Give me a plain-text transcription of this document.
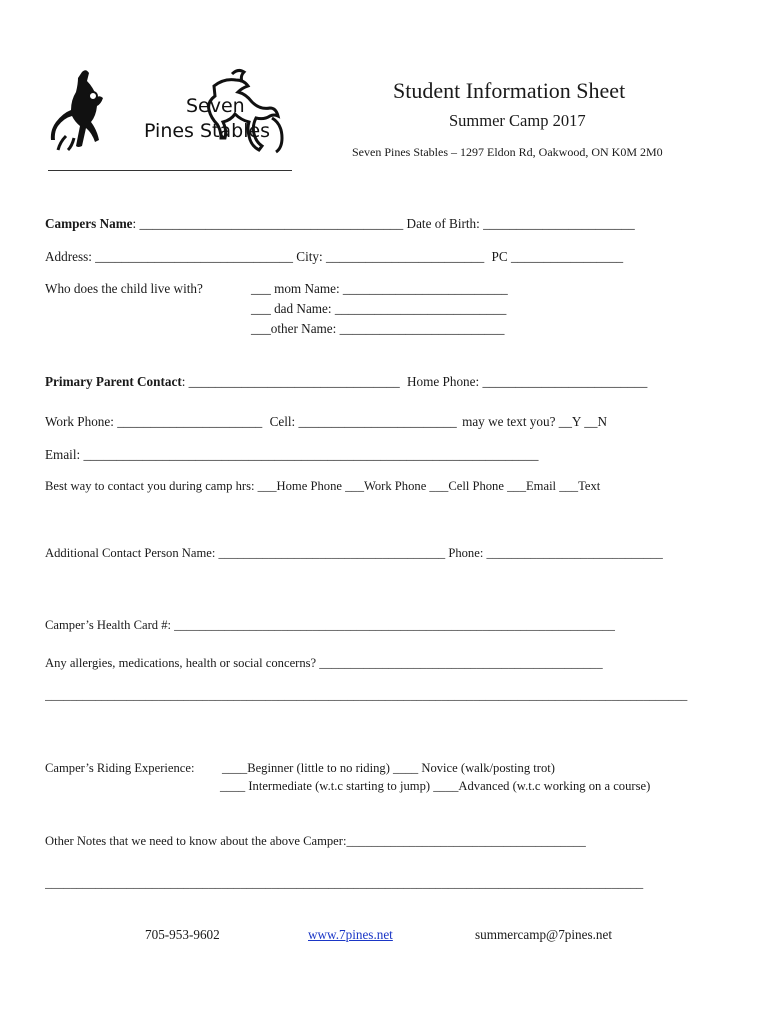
Seven
Pines Stables
Student Information Sheet
Summer Camp 2017
Seven Pines Stables – 1297 Eldon Rd, Oakwood, ON K0M 2M0
Campers Name: ________________________________________ Date of Birth: _______________________
Address: ______________________________ City: ________________________ PC _________________
Who does the child live with?	___ mom Name: _________________________
___ dad Name: __________________________
___other Name: _________________________
Primary Parent Contact: ________________________________ Home Phone: _________________________
Work Phone: ______________________ Cell: ________________________ may we text you? __Y __N
Email: _____________________________________________________________________
Best way to contact you during camp hrs: ___Home Phone ___Work Phone ___Cell Phone ___Email ___Text
Additional Contact Person Name: ____________________________________ Phone: ____________________________
Camper’s Health Card #: ______________________________________________________________________
Any allergies, medications, health or social concerns? _____________________________________________
______________________________________________________________________________________________________
Camper’s Riding Experience: ____Beginner (little to no riding) ____ Novice (walk/posting trot)
____ Intermediate (w.t.c starting to jump) ____Advanced (w.t.c working on a course)
Other Notes that we need to know about the above Camper:______________________________________
_______________________________________________________________________________________________
705-953-9602	www.7pines.net	summercamp@7pines.net
